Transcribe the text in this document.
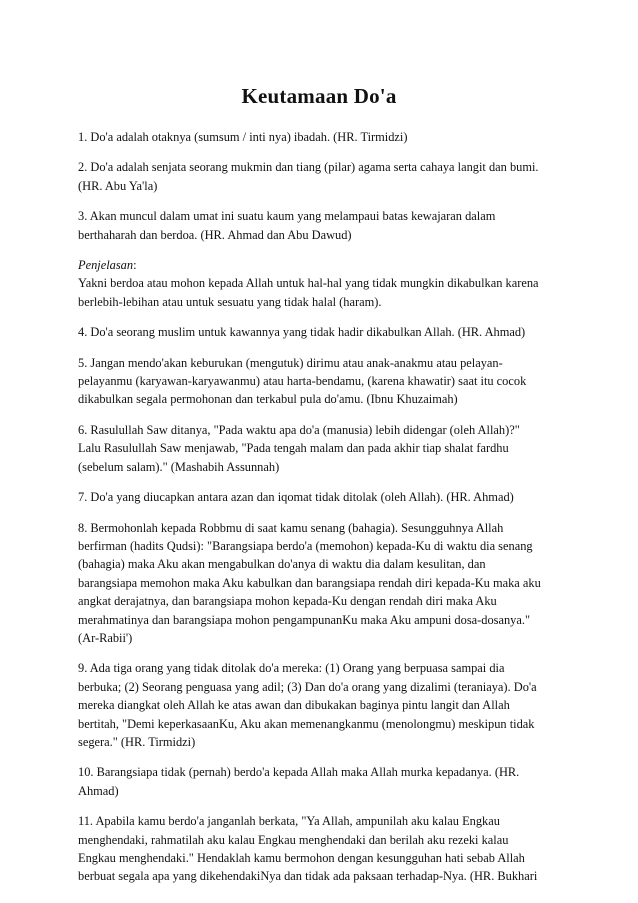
Keutamaan Do'a
1. Do'a adalah otaknya (sumsum / inti nya) ibadah. (HR. Tirmidzi)
2. Do'a adalah senjata seorang mukmin dan tiang (pilar) agama serta cahaya langit dan bumi.
(HR. Abu Ya'la)
3. Akan muncul dalam umat ini suatu kaum yang melampaui batas kewajaran dalam
berthaharah dan berdoa. (HR. Ahmad dan Abu Dawud)
Penjelasan:
Yakni berdoa atau mohon kepada Allah untuk hal-hal yang tidak mungkin dikabulkan karena
berlebih-lebihan atau untuk sesuatu yang tidak halal (haram).
4. Do'a seorang muslim untuk kawannya yang tidak hadir dikabulkan Allah. (HR. Ahmad)
5. Jangan mendo'akan keburukan (mengutuk) dirimu atau anak-anakmu atau pelayan-
pelayanmu (karyawan-karyawanmu) atau harta-bendamu, (karena khawatir) saat itu cocok
dikabulkan segala permohonan dan terkabul pula do'amu. (Ibnu Khuzaimah)
6. Rasulullah Saw ditanya, "Pada waktu apa do'a (manusia) lebih didengar (oleh Allah)?"
Lalu Rasulullah Saw menjawab, "Pada tengah malam dan pada akhir tiap shalat fardhu
(sebelum salam)." (Mashabih Assunnah)
7. Do'a yang diucapkan antara azan dan iqomat tidak ditolak (oleh Allah). (HR. Ahmad)
8. Bermohonlah kepada Robbmu di saat kamu senang (bahagia). Sesungguhnya Allah
berfirman (hadits Qudsi): "Barangsiapa berdo'a (memohon) kepada-Ku di waktu dia senang
(bahagia) maka Aku akan mengabulkan do'anya di waktu dia dalam kesulitan, dan
barangsiapa memohon maka Aku kabulkan dan barangsiapa rendah diri kepada-Ku maka aku
angkat derajatnya, dan barangsiapa mohon kepada-Ku dengan rendah diri maka Aku
merahmatinya dan barangsiapa mohon pengampunanKu maka Aku ampuni dosa-dosanya."
(Ar-Rabii')
9. Ada tiga orang yang tidak ditolak do'a mereka: (1) Orang yang berpuasa sampai dia
berbuka; (2) Seorang penguasa yang adil; (3) Dan do'a orang yang dizalimi (teraniaya). Do'a
mereka diangkat oleh Allah ke atas awan dan dibukakan baginya pintu langit dan Allah
bertitah, "Demi keperkasaanKu, Aku akan memenangkanmu (menolongmu) meskipun tidak
segera." (HR. Tirmidzi)
10. Barangsiapa tidak (pernah) berdo'a kepada Allah maka Allah murka kepadanya. (HR.
Ahmad)
11. Apabila kamu berdo'a janganlah berkata, "Ya Allah, ampunilah aku kalau Engkau
menghendaki, rahmatilah aku kalau Engkau menghendaki dan berilah aku rezeki kalau
Engkau menghendaki." Hendaklah kamu bermohon dengan kesungguhan hati sebab Allah
berbuat segala apa yang dikehendakiNya dan tidak ada paksaan terhadap-Nya. (HR. Bukhari
